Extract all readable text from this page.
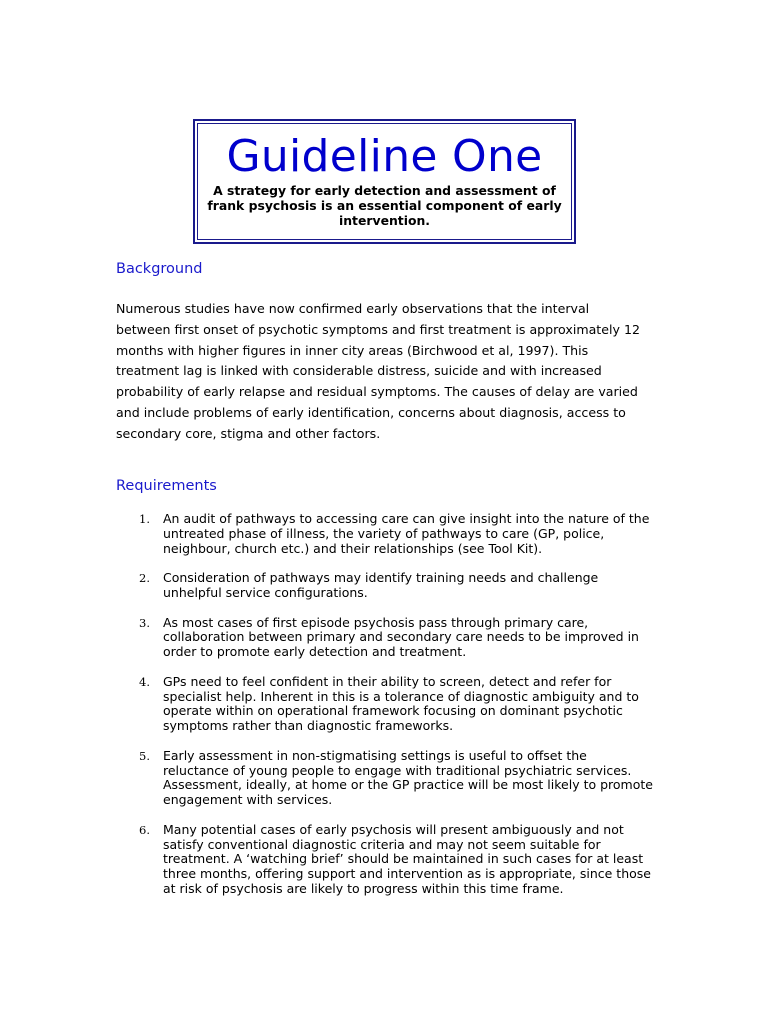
Guideline One

A strategy for early detection and assessment of frank psychosis is an essential component of early intervention.

Background

Numerous studies have now confirmed early observations that the interval between first onset of psychotic symptoms and first treatment is approximately 12 months with higher figures in inner city areas (Birchwood et al, 1997). This treatment lag is linked with considerable distress, suicide and with increased probability of early relapse and residual symptoms. The causes of delay are varied and include problems of early identification, concerns about diagnosis, access to secondary core, stigma and other factors.

Requirements
1. An audit of pathways to accessing care can give insight into the nature of the untreated phase of illness, the variety of pathways to care (GP, police, neighbour, church etc.) and their relationships (see Tool Kit).
2. Consideration of pathways may identify training needs and challenge unhelpful service configurations.
3. As most cases of first episode psychosis pass through primary care, collaboration between primary and secondary care needs to be improved in order to promote early detection and treatment.
4. GPs need to feel confident in their ability to screen, detect and refer for specialist help. Inherent in this is a tolerance of diagnostic ambiguity and to operate within on operational framework focusing on dominant psychotic symptoms rather than diagnostic frameworks.
5. Early assessment in non-stigmatising settings is useful to offset the reluctance of young people to engage with traditional psychiatric services. Assessment, ideally, at home or the GP practice will be most likely to promote engagement with services.
6. Many potential cases of early psychosis will present ambiguously and not satisfy conventional diagnostic criteria and may not seem suitable for treatment. A ‘watching brief’ should be maintained in such cases for at least three months, offering support and intervention as is appropriate, since those at risk of psychosis are likely to progress within this time frame.
